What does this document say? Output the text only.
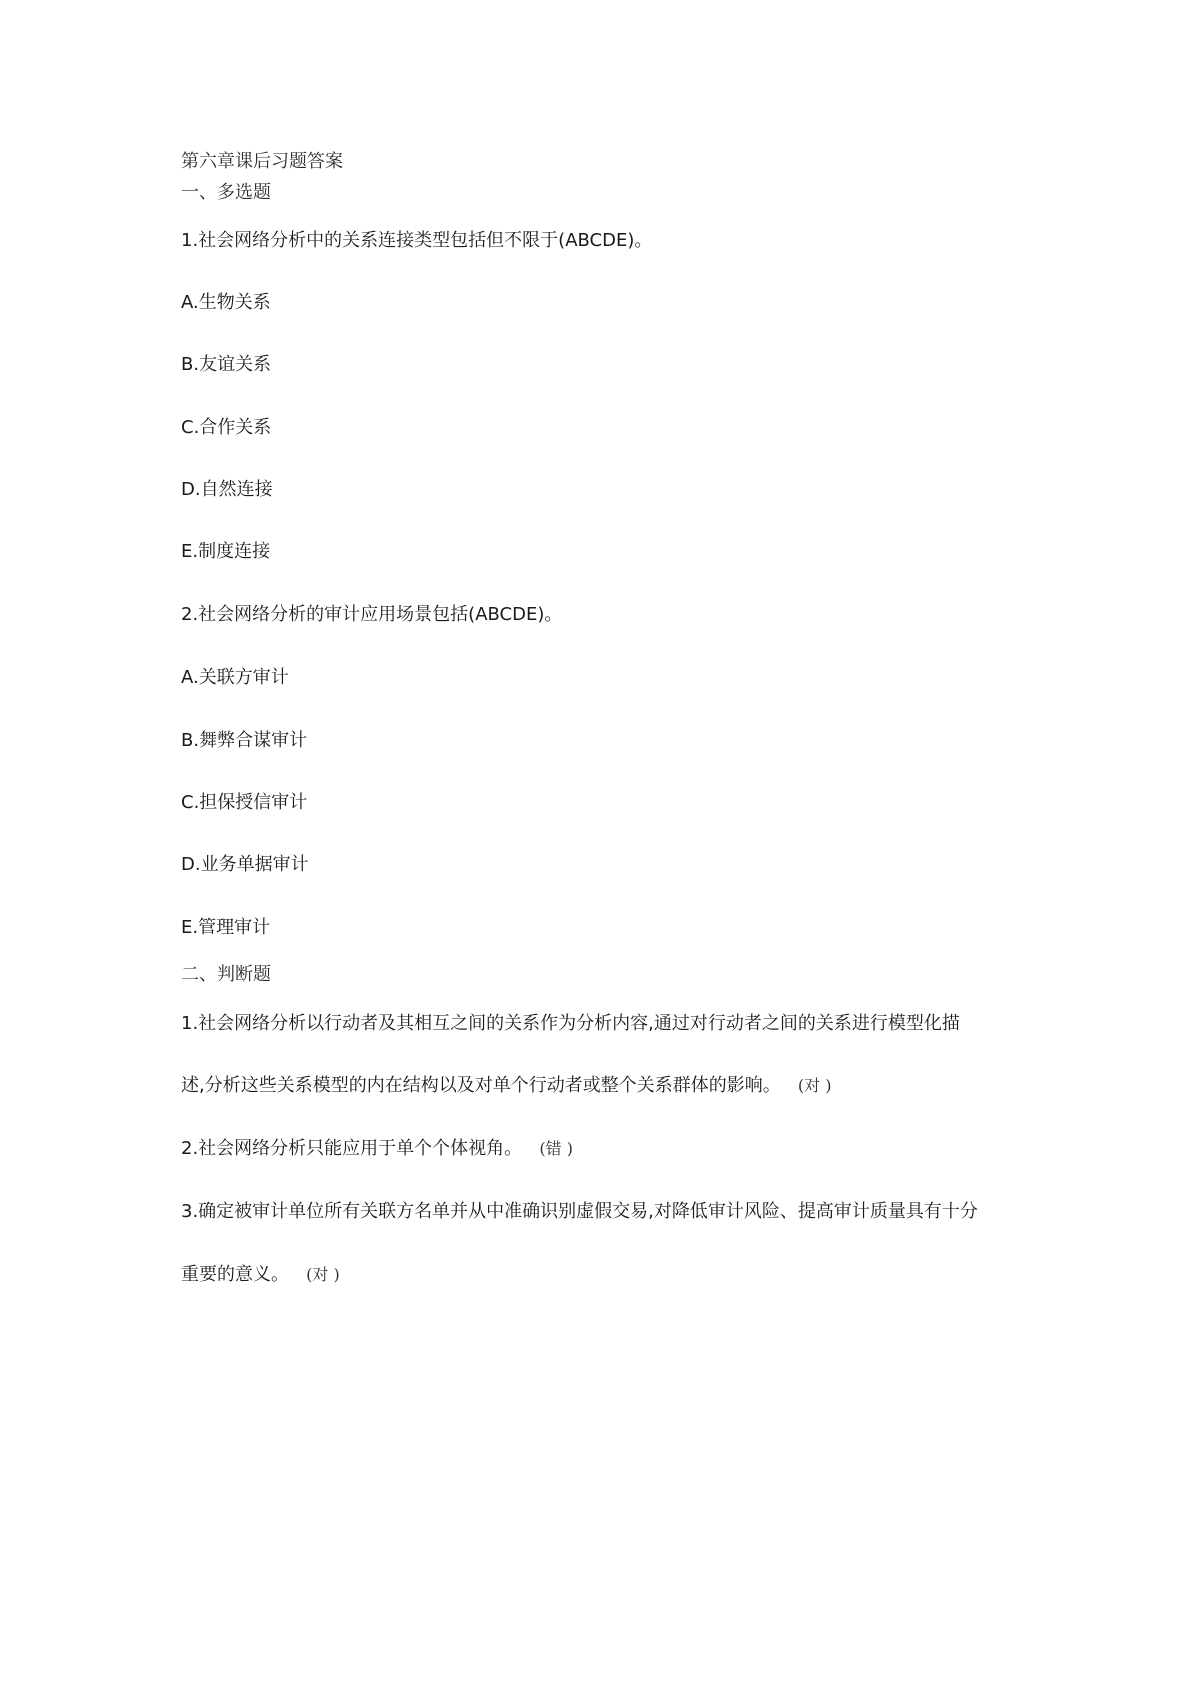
第六章课后习题答案
一、多选题
1.社会网络分析中的关系连接类型包括但不限于(ABCDE)。
A.生物关系
B.友谊关系
C.合作关系
D.自然连接
E.制度连接
2.社会网络分析的审计应用场景包括(ABCDE)。
A.关联方审计
B.舞弊合谋审计
C.担保授信审计
D.业务单据审计
E.管理审计
二、判断题
1.社会网络分析以行动者及其相互之间的关系作为分析内容,通过对行动者之间的关系进行模型化描
述,分析这些关系模型的内在结构以及对单个行动者或整个关系群体的影响。 (对 )
2.社会网络分析只能应用于单个个体视角。 (错 )
3.确定被审计单位所有关联方名单并从中准确识别虚假交易,对降低审计风险、提高审计质量具有十分
重要的意义。 (对 )
